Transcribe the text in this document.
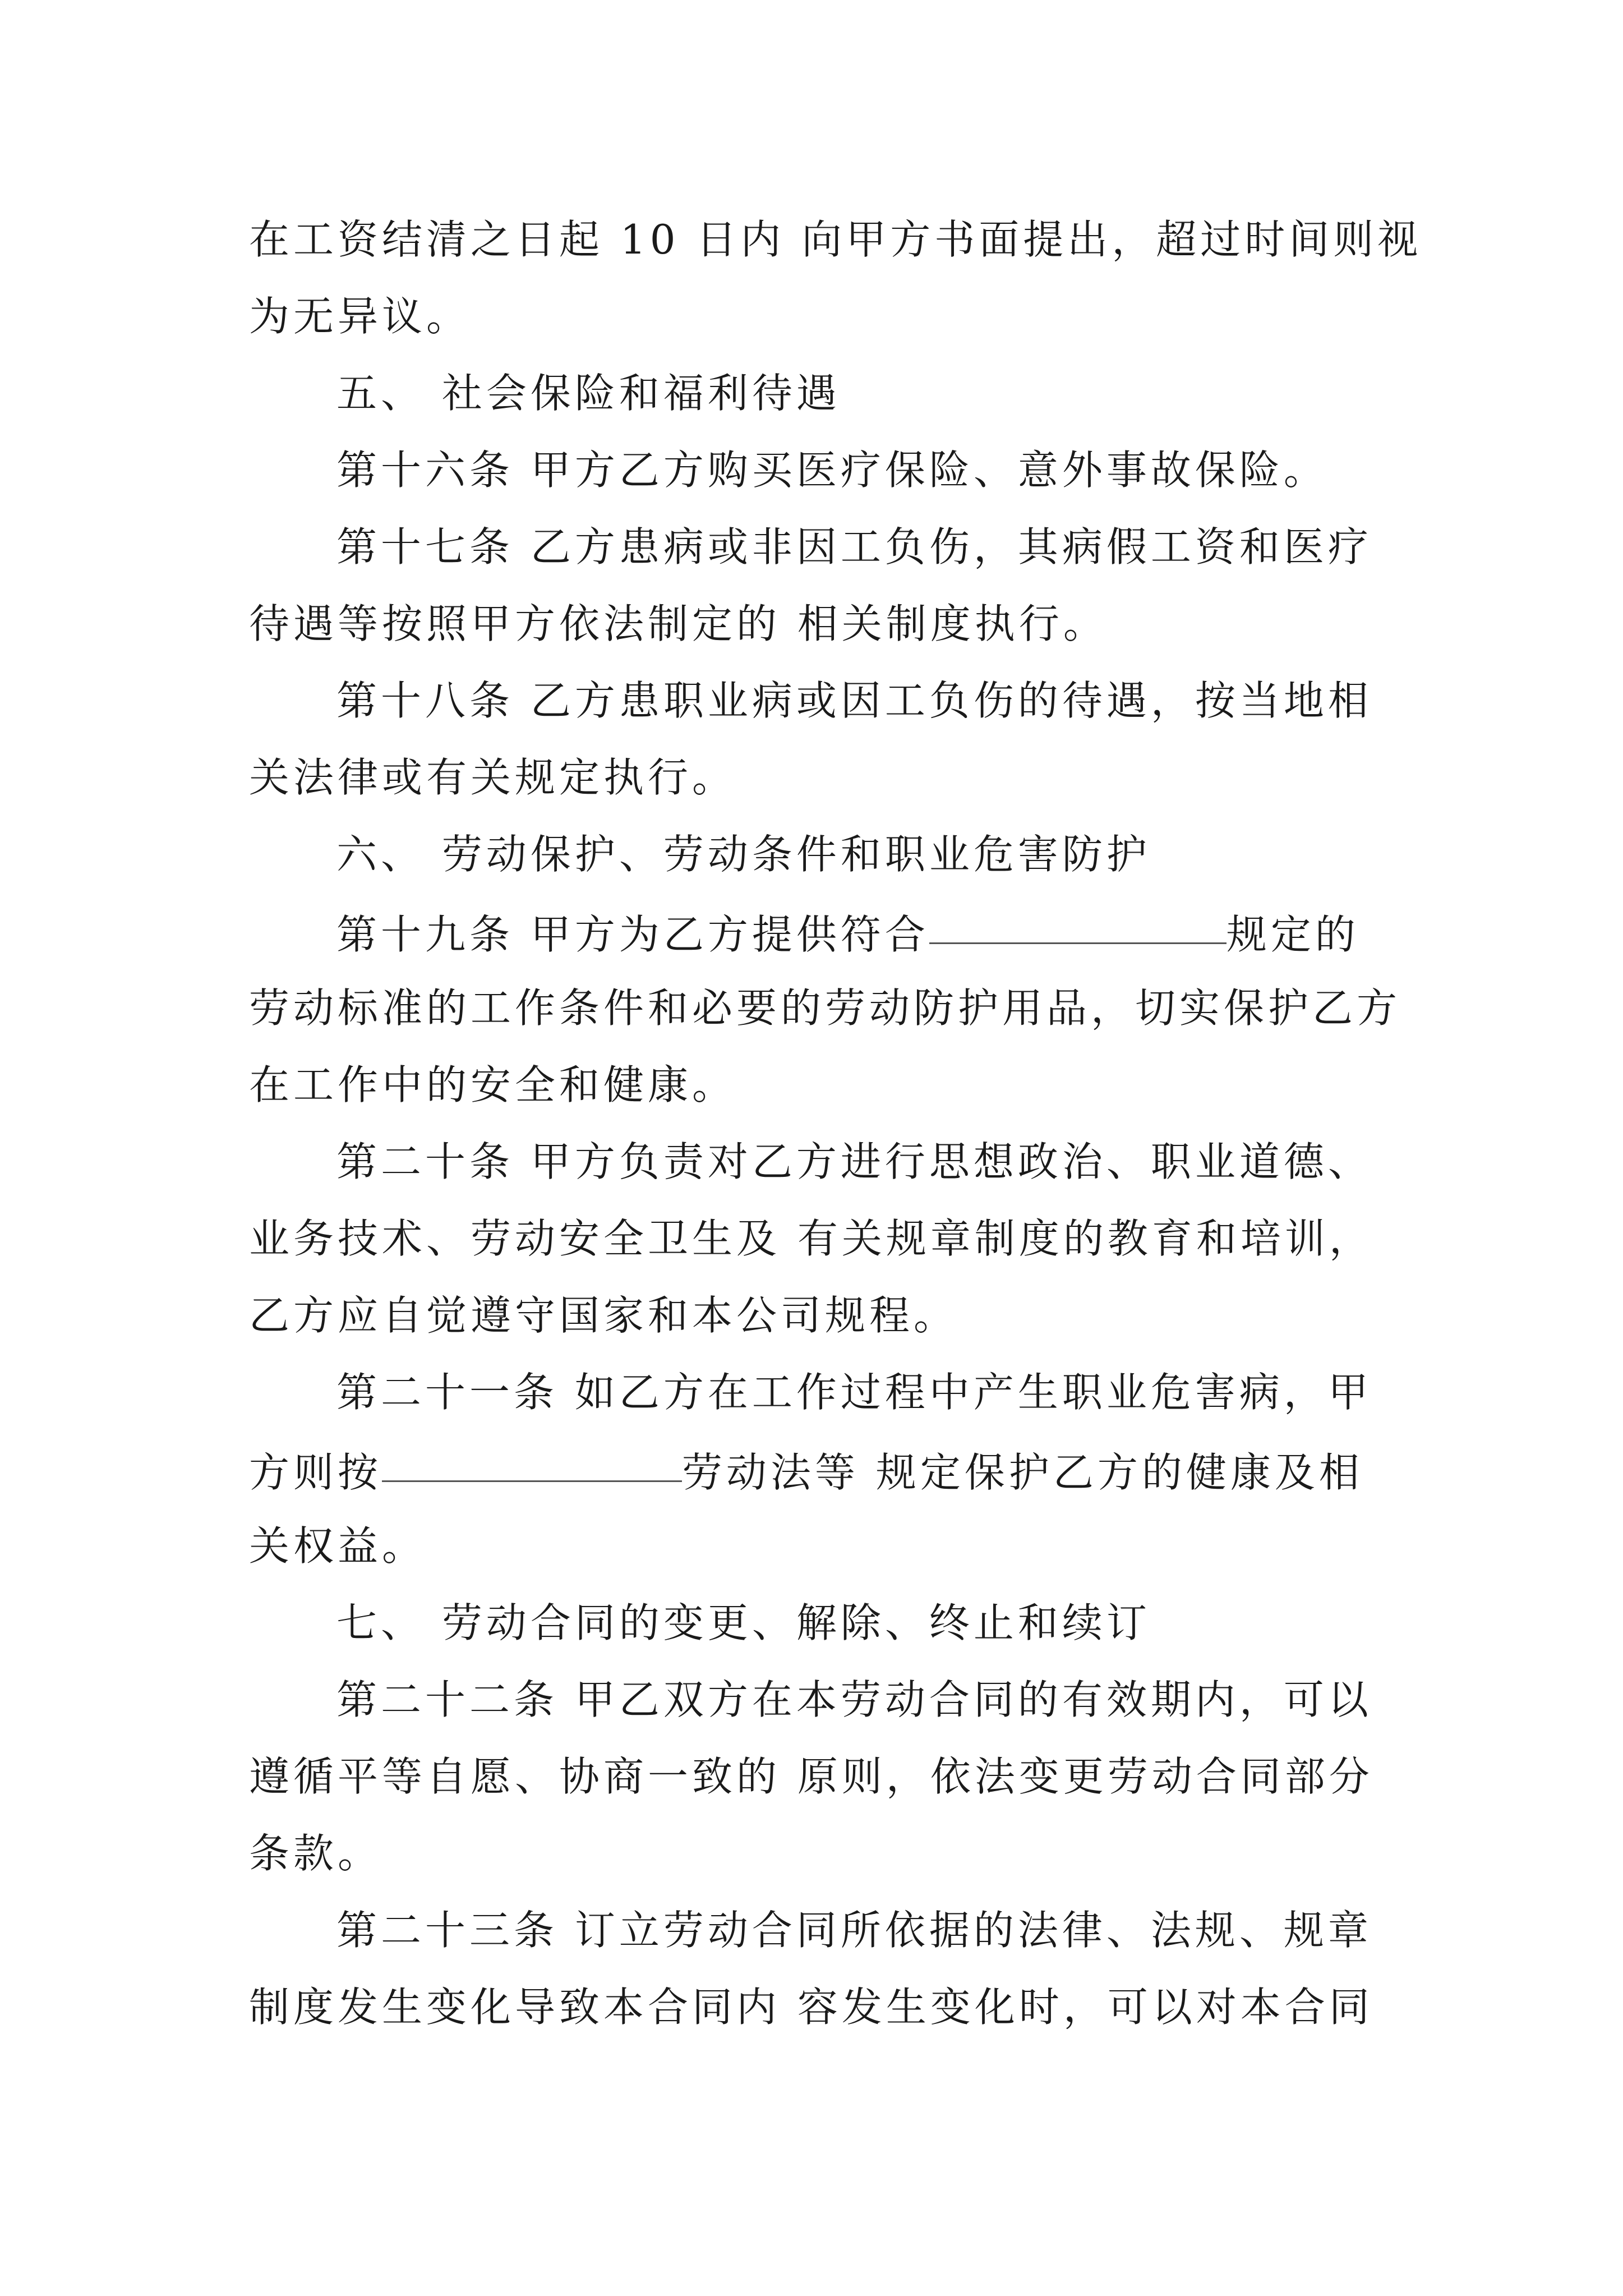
在工资结清之日起 10 日内 向甲方书面提出，超过时间则视
为无异议。
五、 社会保险和福利待遇
第十六条 甲方乙方购买医疗保险、意外事故保险。
第十七条 乙方患病或非因工负伤，其病假工资和医疗
待遇等按照甲方依法制定的 相关制度执行。
第十八条 乙方患职业病或因工负伤的待遇，按当地相
关法律或有关规定执行。
六、 劳动保护、劳动条件和职业危害防护
第十九条 甲方为乙方提供符合	规定的
劳动标准的工作条件和必要的劳动防护用品，切实保护乙方
在工作中的安全和健康。
第二十条 甲方负责对乙方进行思想政治、职业道德、
业务技术、劳动安全卫生及 有关规章制度的教育和培训，
乙方应自觉遵守国家和本公司规程。
第二十一条 如乙方在工作过程中产生职业危害病，甲
方则按	劳动法等 规定保护乙方的健康及相
关权益。
七、 劳动合同的变更、解除、终止和续订
第二十二条 甲乙双方在本劳动合同的有效期内，可以
遵循平等自愿、协商一致的 原则，依法变更劳动合同部分
条款。
第二十三条 订立劳动合同所依据的法律、法规、规章
制度发生变化导致本合同内 容发生变化时，可以对本合同
